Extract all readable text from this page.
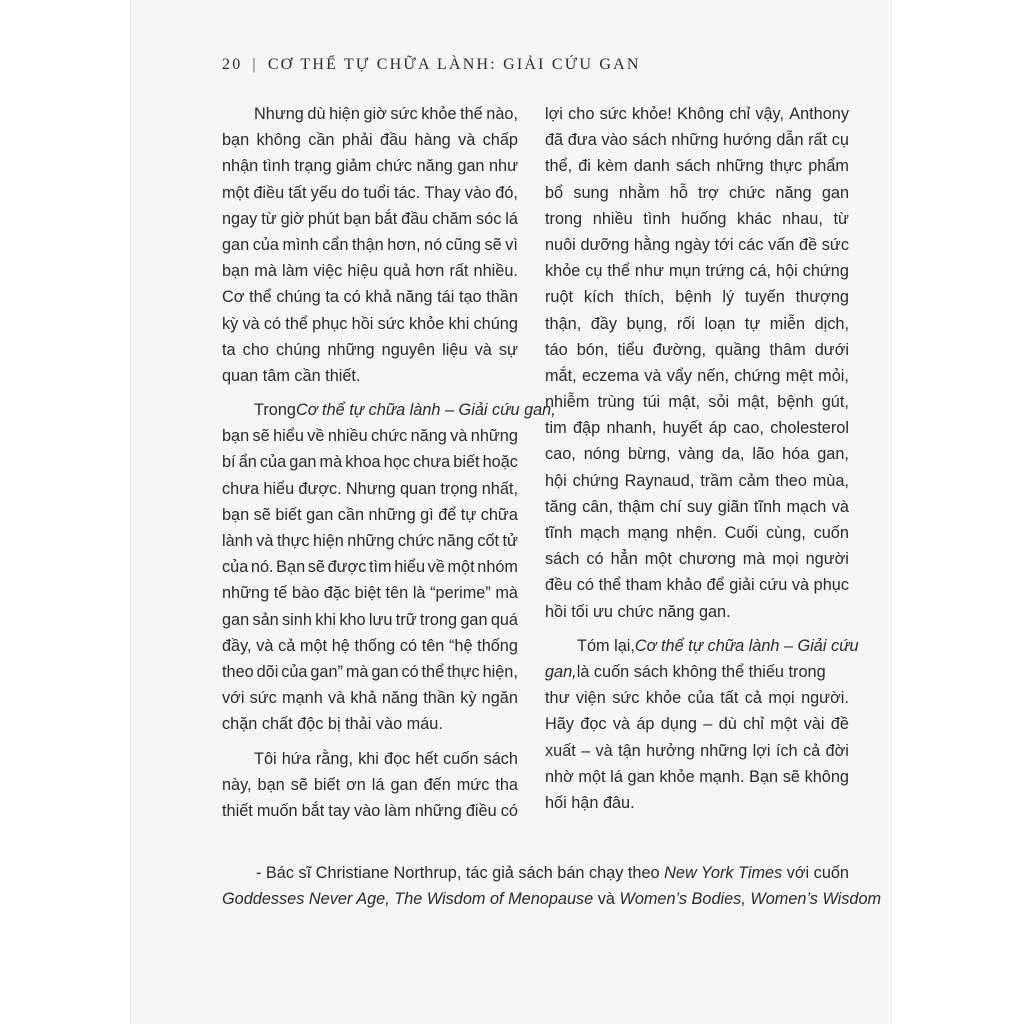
20 | CƠ THỂ TỰ CHỮA LÀNH: GIẢI CỨU GAN
Nhưng dù hiện giờ sức khỏe thế nào,
bạn không cần phải đầu hàng và chấp
nhận tình trạng giảm chức năng gan như
một điều tất yếu do tuổi tác. Thay vào đó,
ngay từ giờ phút bạn bắt đầu chăm sóc lá
gan của mình cẩn thận hơn, nó cũng sẽ vì
bạn mà làm việc hiệu quả hơn rất nhiều.
Cơ thể chúng ta có khả năng tái tạo thần
kỳ và có thể phục hồi sức khỏe khi chúng
ta cho chúng những nguyên liệu và sự
quan tâm cần thiết.
Trong Cơ thể tự chữa lành – Giải cứu gan,
bạn sẽ hiểu về nhiều chức năng và những
bí ẩn của gan mà khoa học chưa biết hoặc
chưa hiểu được. Nhưng quan trọng nhất,
bạn sẽ biết gan cần những gì để tự chữa
lành và thực hiện những chức năng cốt tử
của nó. Bạn sẽ được tìm hiểu về một nhóm
những tế bào đặc biệt tên là “perime” mà
gan sản sinh khi kho lưu trữ trong gan quá
đầy, và cả một hệ thống có tên “hệ thống
theo dõi của gan” mà gan có thể thực hiện,
với sức mạnh và khả năng thần kỳ ngăn
chặn chất độc bị thải vào máu.
Tôi hứa rằng, khi đọc hết cuốn sách
này, bạn sẽ biết ơn lá gan đến mức tha
thiết muốn bắt tay vào làm những điều có
lợi cho sức khỏe! Không chỉ vậy, Anthony
đã đưa vào sách những hướng dẫn rất cụ
thể, đi kèm danh sách những thực phẩm
bổ sung nhằm hỗ trợ chức năng gan
trong nhiều tình huống khác nhau, từ
nuôi dưỡng hằng ngày tới các vấn đề sức
khỏe cụ thể như mụn trứng cá, hội chứng
ruột kích thích, bệnh lý tuyến thượng
thận, đầy bụng, rối loạn tự miễn dịch,
táo bón, tiểu đường, quầng thâm dưới
mắt, eczema và vẩy nến, chứng mệt mỏi,
nhiễm trùng túi mật, sỏi mật, bệnh gút,
tim đập nhanh, huyết áp cao, cholesterol
cao, nóng bừng, vàng da, lão hóa gan,
hội chứng Raynaud, trầm cảm theo mùa,
tăng cân, thậm chí suy giãn tĩnh mạch và
tĩnh mạch mạng nhện. Cuối cùng, cuốn
sách có hẳn một chương mà mọi người
đều có thể tham khảo để giải cứu và phục
hồi tối ưu chức năng gan.
Tóm lại, Cơ thể tự chữa lành – Giải cứu
gan, là cuốn sách không thể thiếu trong
thư viện sức khỏe của tất cả mọi người.
Hãy đọc và áp dụng – dù chỉ một vài đề
xuất – và tận hưởng những lợi ích cả đời
nhờ một lá gan khỏe mạnh. Bạn sẽ không
hối hận đâu.
- Bác sĩ Christiane Northrup, tác giả sách bán chạy theo New York Times với cuốn
Goddesses Never Age, The Wisdom of Menopause và Women’s Bodies, Women’s Wisdom
